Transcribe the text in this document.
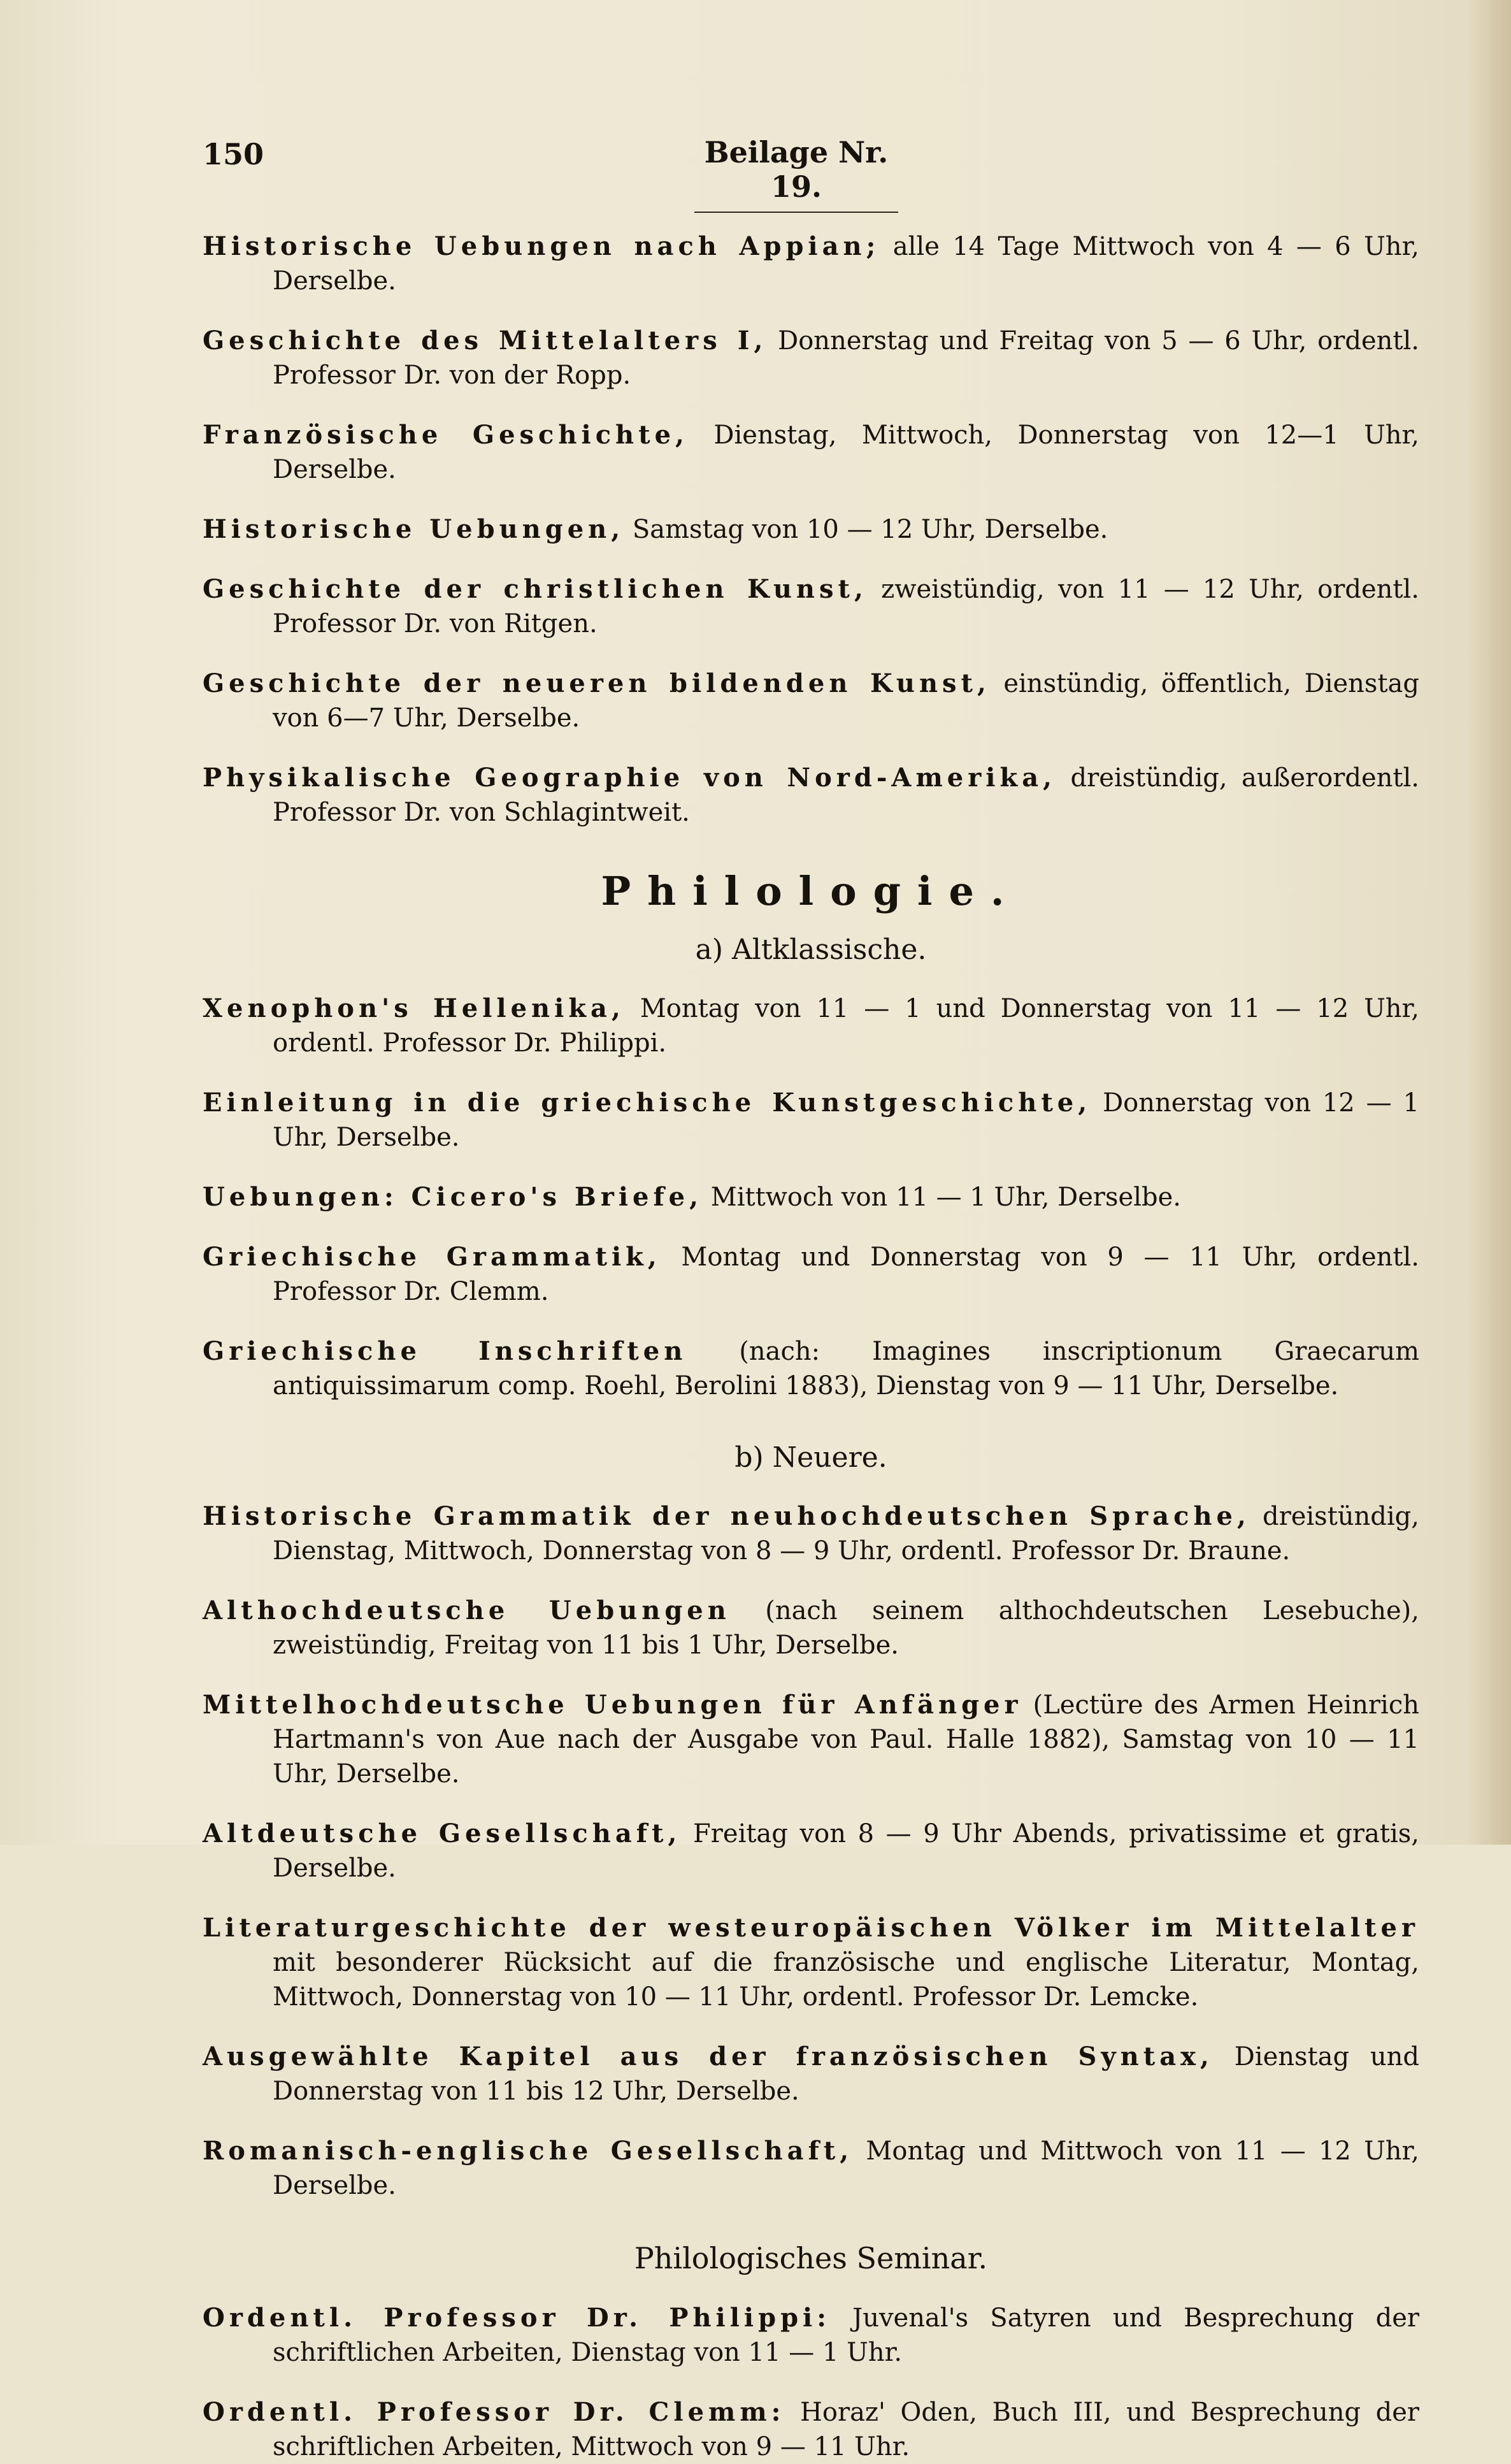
150	Beilage Nr. 19.

Historische Uebungen nach Appian; alle 14 Tage Mittwoch von 4 — 6 Uhr, Derselbe.

Geschichte des Mittelalters I, Donnerstag und Freitag von 5 — 6 Uhr, ordentl. Professor Dr. von der Ropp.

Französische Geschichte, Dienstag, Mittwoch, Donnerstag von 12—1 Uhr, Derselbe.

Historische Uebungen, Samstag von 10 — 12 Uhr, Derselbe.

Geschichte der christlichen Kunst, zweistündig, von 11 — 12 Uhr, ordentl. Professor Dr. von Ritgen.

Geschichte der neueren bildenden Kunst, einstündig, öffentlich, Dienstag von 6—7 Uhr, Derselbe.

Physikalische Geographie von Nord-Amerika, dreistündig, außerordentl. Professor Dr. von Schlagintweit.

Philologie.
a) Altklassische.

Xenophon's Hellenika, Montag von 11 — 1 und Donnerstag von 11 — 12 Uhr, ordentl. Professor Dr. Philippi.

Einleitung in die griechische Kunstgeschichte, Donnerstag von 12 — 1 Uhr, Derselbe.

Uebungen: Cicero's Briefe, Mittwoch von 11 — 1 Uhr, Derselbe.

Griechische Grammatik, Montag und Donnerstag von 9 — 11 Uhr, ordentl. Professor Dr. Clemm.

Griechische Inschriften (nach: Imagines inscriptionum Graecarum antiquissimarum comp. Roehl, Berolini 1883), Dienstag von 9 — 11 Uhr, Derselbe.

b) Neuere.

Historische Grammatik der neuhochdeutschen Sprache, dreistündig, Dienstag, Mittwoch, Donnerstag von 8 — 9 Uhr, ordentl. Professor Dr. Braune.

Althochdeutsche Uebungen (nach seinem althochdeutschen Lesebuche), zweistündig, Freitag von 11 bis 1 Uhr, Derselbe.

Mittelhochdeutsche Uebungen für Anfänger (Lectüre des Armen Heinrich Hartmann's von Aue nach der Ausgabe von Paul. Halle 1882), Samstag von 10 — 11 Uhr, Derselbe.

Altdeutsche Gesellschaft, Freitag von 8 — 9 Uhr Abends, privatissime et gratis, Derselbe.

Literaturgeschichte der westeuropäischen Völker im Mittelalter mit besonderer Rücksicht auf die französische und englische Literatur, Montag, Mittwoch, Donnerstag von 10 — 11 Uhr, ordentl. Professor Dr. Lemcke.

Ausgewählte Kapitel aus der französischen Syntax, Dienstag und Donnerstag von 11 bis 12 Uhr, Derselbe.

Romanisch-englische Gesellschaft, Montag und Mittwoch von 11 — 12 Uhr, Derselbe.

Philologisches Seminar.

Ordentl. Professor Dr. Philippi: Juvenal's Satyren und Besprechung der schriftlichen Arbeiten, Dienstag von 11 — 1 Uhr.

Ordentl. Professor Dr. Clemm: Horaz' Oden, Buch III, und Besprechung der schriftlichen Arbeiten, Mittwoch von 9 — 11 Uhr.
